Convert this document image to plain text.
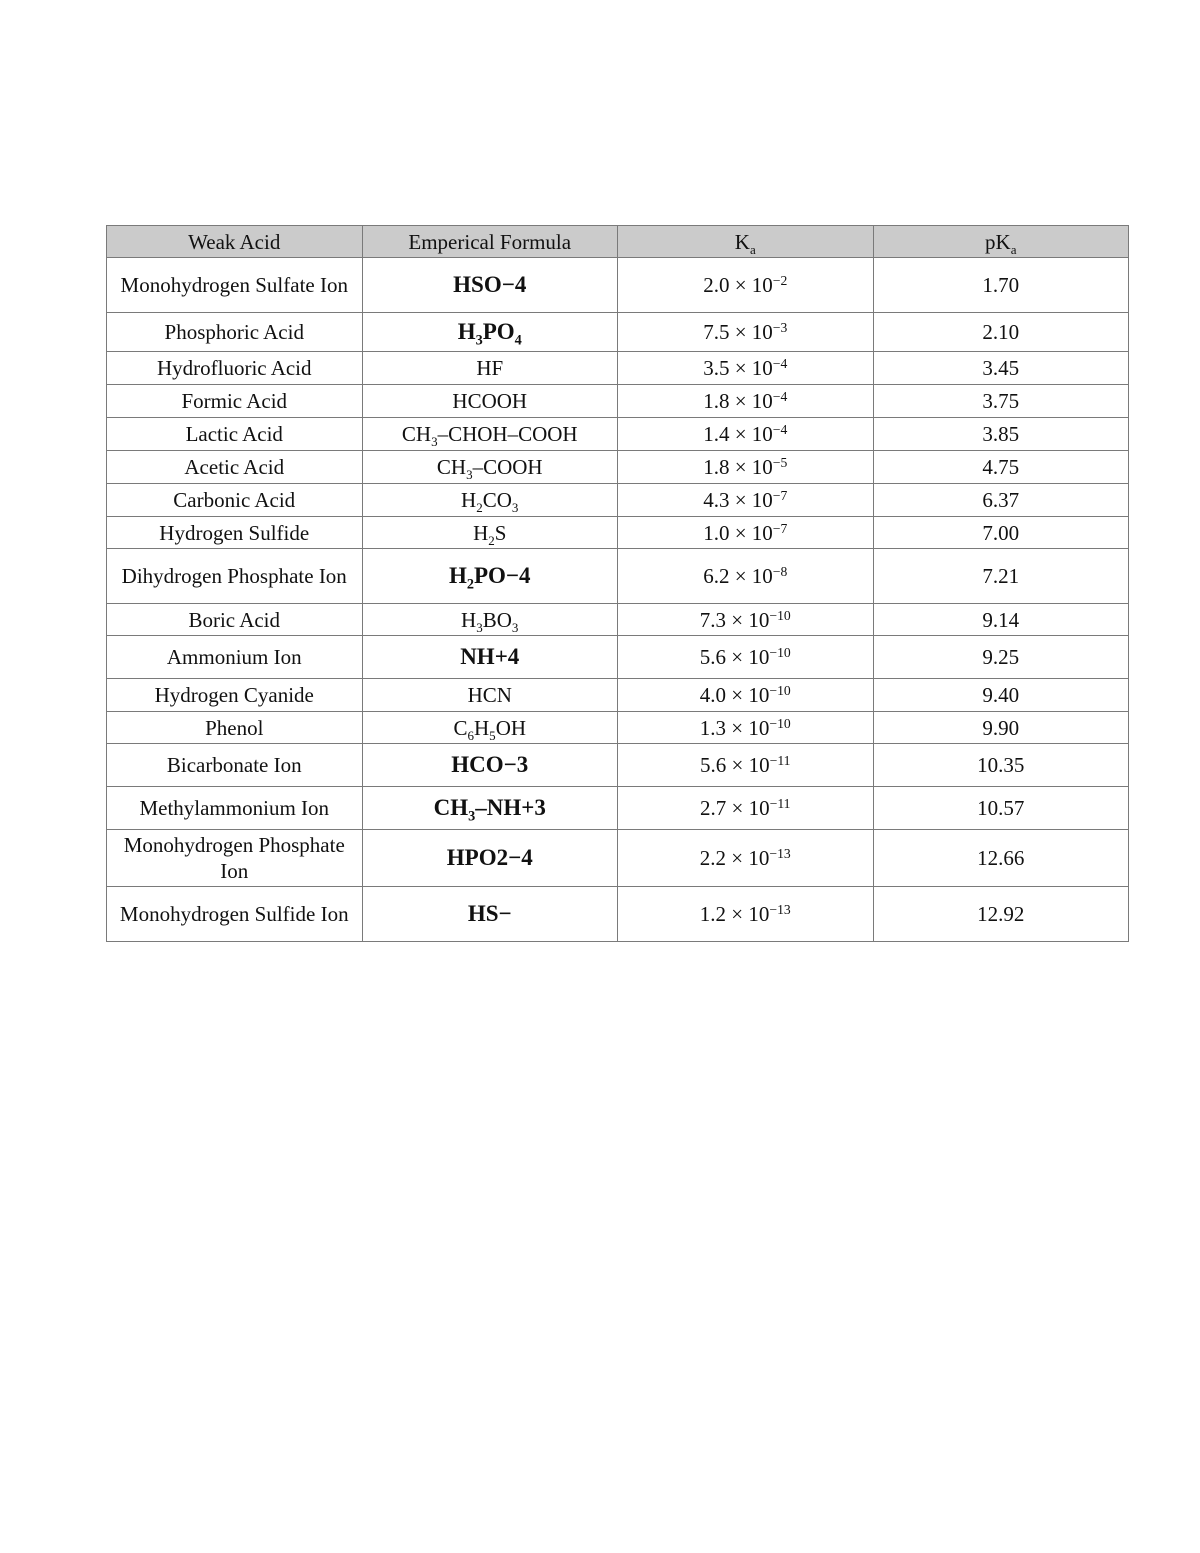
Weak Acid	Emperical Formula	$K_a$	$pK_a$
Monohydrogen Sulfate Ion	HSO−4	$2.0 \times 10^{-2}$	1.70
Phosphoric Acid	$H_3PO_4$	$7.5 \times 10^{-3}$	2.10
Hydrofluoric Acid	HF	$3.5 \times 10^{-4}$	3.45
Formic Acid	HCOOH	$1.8 \times 10^{-4}$	3.75
Lactic Acid	$CH_3-CHOH$–COOH	$1.4 \times 10^{-4}$	3.85
Acetic Acid	$CH_3$–COOH	$1.8 \times 10^{-5}$	4.75
Carbonic Acid	$H_2CO_3$	$4.3 \times 10^{-7}$	6.37
Hydrogen Sulfide	$H_2S$	$1.0 \times 10^{-7}$	7.00
Dihydrogen Phosphate Ion	$H_2PO-4$	$6.2 \times 10^{-8}$	7.21
Boric Acid	$H_3BO_3$	$7.3 \times 10^{-10}$	9.14
Ammonium Ion	NH+4	$5.6 \times 10^{-10}$	9.25
Hydrogen Cyanide	HCN	$4.0 \times 10^{-10}$	9.40
Phenol	$C_6H_5OH$	$1.3 \times 10^{-10}$	9.90
Bicarbonate Ion	HCO−3	$5.6 \times 10^{-11}$	10.35
Methylammonium Ion	$CH_3-NH+3$	$2.7 \times 10^{-11}$	10.57
Monohydrogen Phosphate Ion	HPO2−4	$2.2 \times 10^{-13}$	12.66
Monohydrogen Sulfide Ion	HS−	$1.2 \times 10^{-13}$	12.92
